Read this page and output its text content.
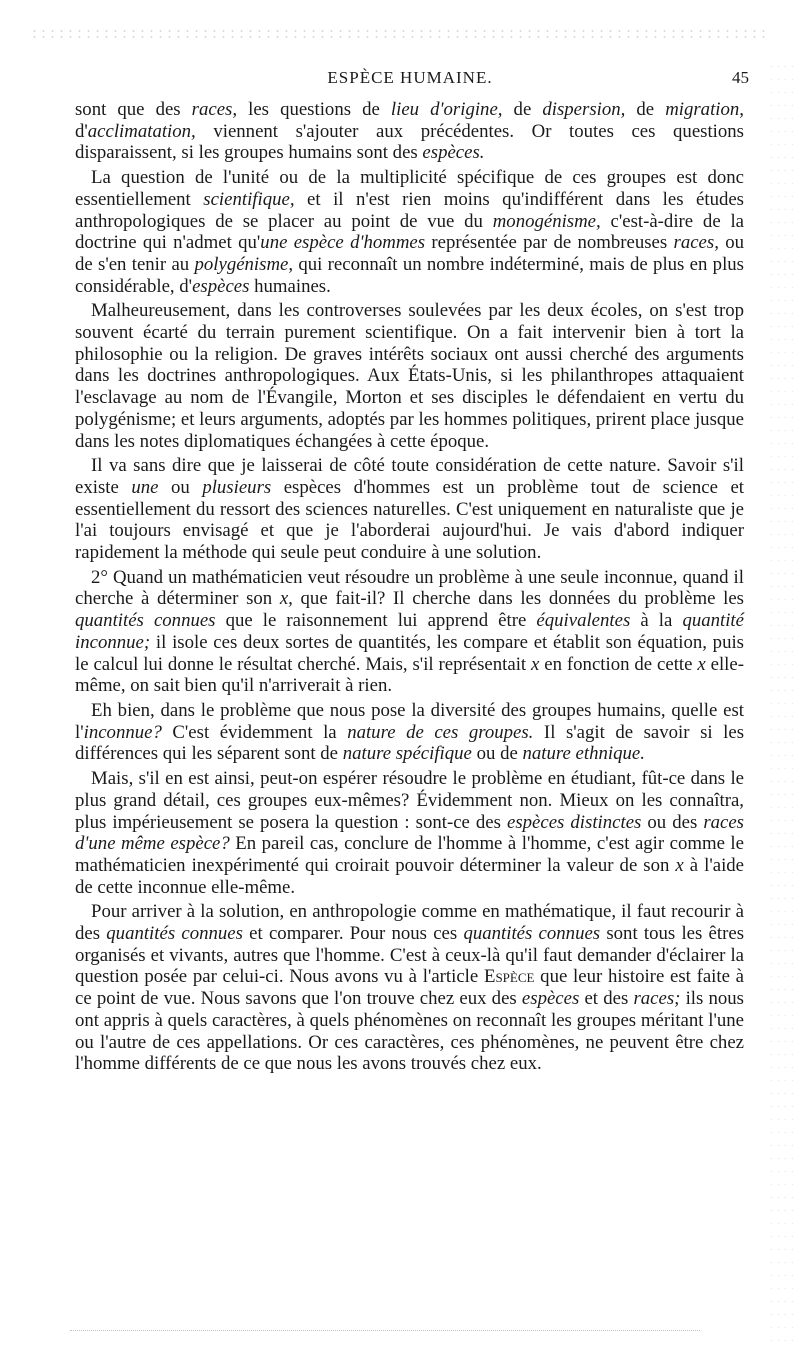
ESPÈCE HUMAINE.	45

sont que des races, les questions de lieu d'origine, de dispersion, de migration, d'acclimatation, viennent s'ajouter aux précédentes. Or toutes ces questions disparaissent, si les groupes humains sont des espèces.

La question de l'unité ou de la multiplicité spécifique de ces groupes est donc essentiellement scientifique, et il n'est rien moins qu'indifférent dans les études anthropologiques de se placer au point de vue du monogénisme, c'est-à-dire de la doctrine qui n'admet qu'une espèce d'hommes représentée par de nombreuses races, ou de s'en tenir au polygénisme, qui reconnaît un nombre indéterminé, mais de plus en plus considérable, d'espèces humaines.

Malheureusement, dans les controverses soulevées par les deux écoles, on s'est trop souvent écarté du terrain purement scientifique. On a fait intervenir bien à tort la philosophie ou la religion. De graves intérêts sociaux ont aussi cherché des arguments dans les doctrines anthropologiques. Aux États-Unis, si les philanthropes attaquaient l'esclavage au nom de l'Évangile, Morton et ses disciples le défendaient en vertu du polygénisme; et leurs arguments, adoptés par les hommes politiques, prirent place jusque dans les notes diplomatiques échangées à cette époque.

Il va sans dire que je laisserai de côté toute considération de cette nature. Savoir s'il existe une ou plusieurs espèces d'hommes est un problème tout de science et essentiellement du ressort des sciences naturelles. C'est uniquement en naturaliste que je l'ai toujours envisagé et que je l'aborderai aujourd'hui. Je vais d'abord indiquer rapidement la méthode qui seule peut conduire à une solution.

2° Quand un mathématicien veut résoudre un problème à une seule inconnue, quand il cherche à déterminer son x, que fait-il? Il cherche dans les données du problème les quantités connues que le raisonnement lui apprend être équivalentes à la quantité inconnue; il isole ces deux sortes de quantités, les compare et établit son équation, puis le calcul lui donne le résultat cherché. Mais, s'il représentait x en fonction de cette x elle-même, on sait bien qu'il n'arriverait à rien.

Eh bien, dans le problème que nous pose la diversité des groupes humains, quelle est l'inconnue? C'est évidemment la nature de ces groupes. Il s'agit de savoir si les différences qui les séparent sont de nature spécifique ou de nature ethnique.

Mais, s'il en est ainsi, peut-on espérer résoudre le problème en étudiant, fût-ce dans le plus grand détail, ces groupes eux-mêmes? Évidemment non. Mieux on les connaîtra, plus impérieusement se posera la question : sont-ce des espèces distinctes ou des races d'une même espèce? En pareil cas, conclure de l'homme à l'homme, c'est agir comme le mathématicien inexpérimenté qui croirait pouvoir déterminer la valeur de son x à l'aide de cette inconnue elle-même.

Pour arriver à la solution, en anthropologie comme en mathématique, il faut recourir à des quantités connues et comparer. Pour nous ces quantités connues sont tous les êtres organisés et vivants, autres que l'homme. C'est à ceux-là qu'il faut demander d'éclairer la question posée par celui-ci. Nous avons vu à l'article Espèce que leur histoire est faite à ce point de vue. Nous savons que l'on trouve chez eux des espèces et des races; ils nous ont appris à quels caractères, à quels phénomènes on reconnaît les groupes méritant l'une ou l'autre de ces appellations. Or ces caractères, ces phénomènes, ne peuvent être chez l'homme différents de ce que nous les avons trouvés chez eux.
